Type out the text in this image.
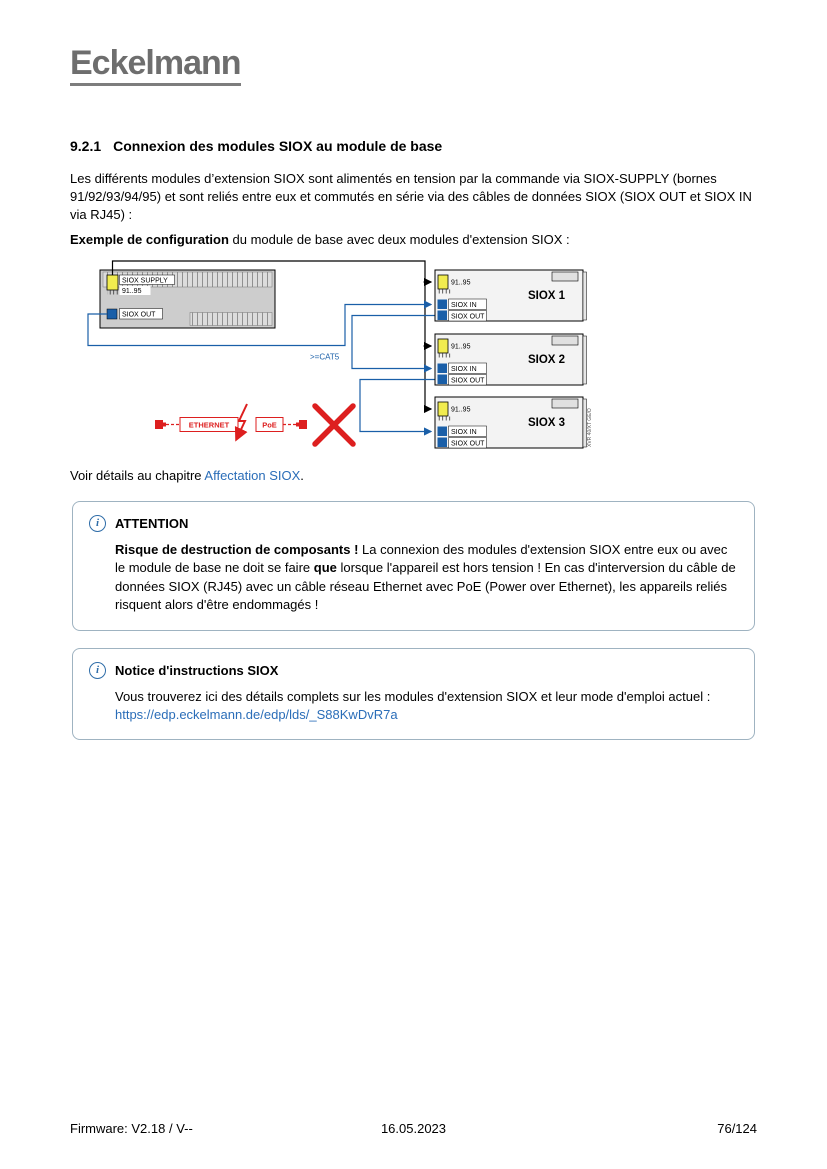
Eckelmann
9.2.1 Connexion des modules SIOX au module de base

Les différents modules d’extension SIOX sont alimentés en tension par la commande via SIOX-SUPPLY (bornes 91/92/93/94/95) et sont reliés entre eux et commutés en série via des câbles de données SIOX (SIOX OUT et SIOX IN via RJ45) :

Exemple de configuration du module de base avec deux modules d'extension SIOX :

SIOX SUPPLY
91..95
SIOX OUT
>=CAT5
91..95
SIOX IN
SIOX OUT
SIOX 1
91..95
SIOX IN
SIOX OUT
SIOX 2
91..95
SIOX IN
SIOX OUT
SIOX 3	XVR 40/XT GE/O
ETHERNET	PoE

Voir détails au chapitre Affectation SIOX.

i	ATTENTION

Risque de destruction de composants ! La connexion des modules d'extension SIOX entre eux ou avec le module de base ne doit se faire que lorsque l'appareil est hors tension ! En cas d'interversion du câble de données SIOX (RJ45) avec un câble réseau Ethernet avec PoE (Power over Ethernet), les appareils reliés risquent alors d'être endommagés !

i	Notice d'instructions SIOX

Vous trouverez ici des détails complets sur les modules d'extension SIOX et leur mode d'emploi actuel :
https://edp.eckelmann.de/edp/lds/_S88KwDvR7a

Firmware: V2.18 / V--	16.05.2023	76/124
